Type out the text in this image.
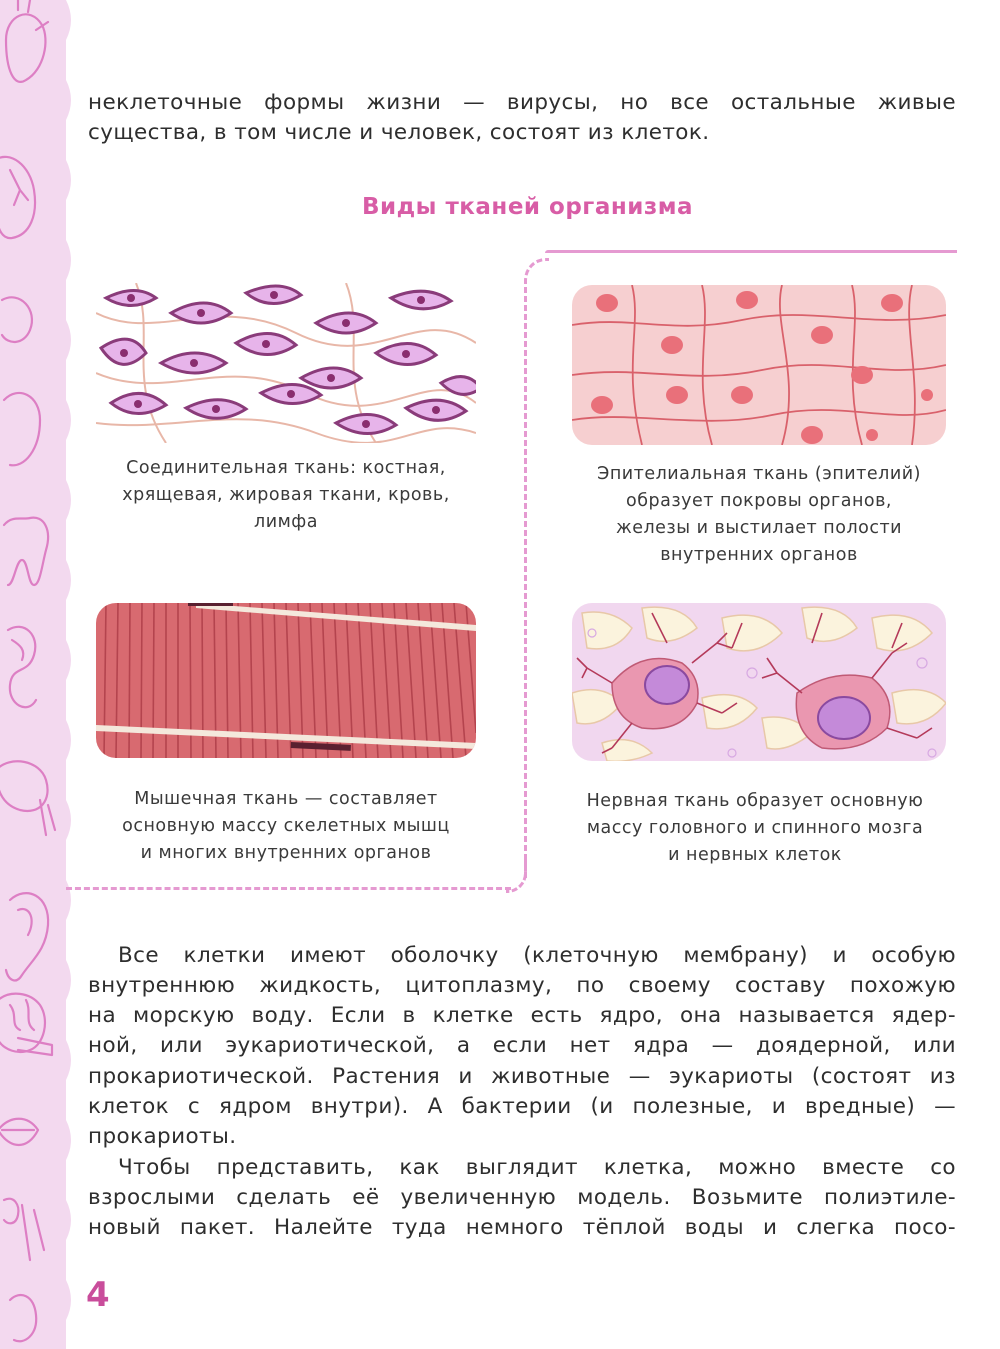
неклеточные формы жизни — вирусы, но все остальные живые

существа, в том числе и человек, состоят из клеток.

Виды тканей организма
Соединительная ткань: костная,
хрящевая, жировая ткани, кровь,
лимфа
Эпителиальная ткань (эпителий)
образует покровы органов,
железы и выстилает полости
внутренних органов
Мышечная ткань — составляет
основную массу скелетных мышц
и многих внутренних органов
Нервная ткань образует основную
массу головного и спинного мозга
и нервных клеток

Все клетки имеют оболочку (клеточную мембрану) и особую

внутреннюю жидкость, цитоплазму, по своему составу похожую

на морскую воду. Если в клетке есть ядро, она называется ядер-

ной, или эукариотической, а если нет ядра — доядерной, или

прокариотической. Растения и животные — эукариоты (состоят из

клеток с ядром внутри). А бактерии (и полезные, и вредные) —

прокариоты.

Чтобы представить, как выглядит клетка, можно вместе со

взрослыми сделать её увеличенную модель. Возьмите полиэтиле-

новый пакет. Налейте туда немного тёплой воды и слегка посо-

4
